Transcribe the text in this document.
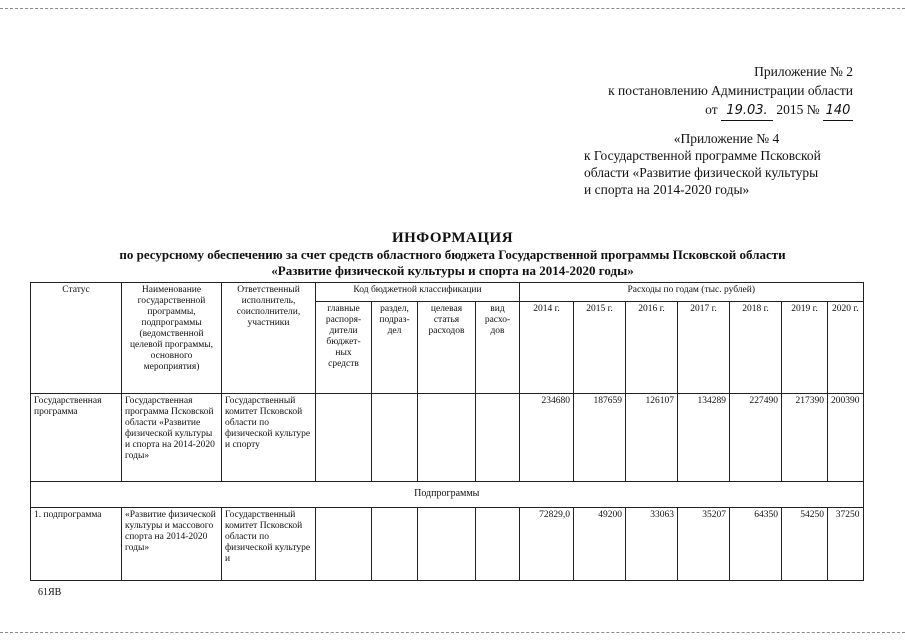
Приложение № 2
к постановлению Администрации области
от 19.03. 2015 № 140
«Приложение № 4
к Государственной программе Псковской
области «Развитие физической культуры
и спорта на 2014-2020 годы»
ИНФОРМАЦИЯ
по ресурсному обеспечению за счет средств областного бюджета Государственной программы Псковской области
«Развитие физической культуры и спорта на 2014-2020 годы»
Статус	Наименование государственной программы, подпрограммы (ведомственной целевой программы, основного мероприятия)	Ответственный исполнитель, соисполнители, участники	Код бюджетной классификации				Расходы по годам (тыс. рублей)						
			главные распоря-дители бюджет-ных средств	раздел, подраз-дел	целевая статья расходов	вид расхо-дов	2014 г.	2015 г.	2016 г.	2017 г.	2018 г.	2019 г.	2020 г.
Государственная программа	Государственная программа Псковской области «Развитие физической культуры и спорта на 2014-2020 годы»	Государственный комитет Псковской области по физической культуре и спорту					234680	187659	126107	134289	227490	217390	200390
Подпрограммы													
1. подпрограмма	«Развитие физической культуры и массового спорта на 2014-2020 годы»	Государственный комитет Псковской области по физической культуре и					72829,0	49200	33063	35207	64350	54250	37250
61ЯВ
